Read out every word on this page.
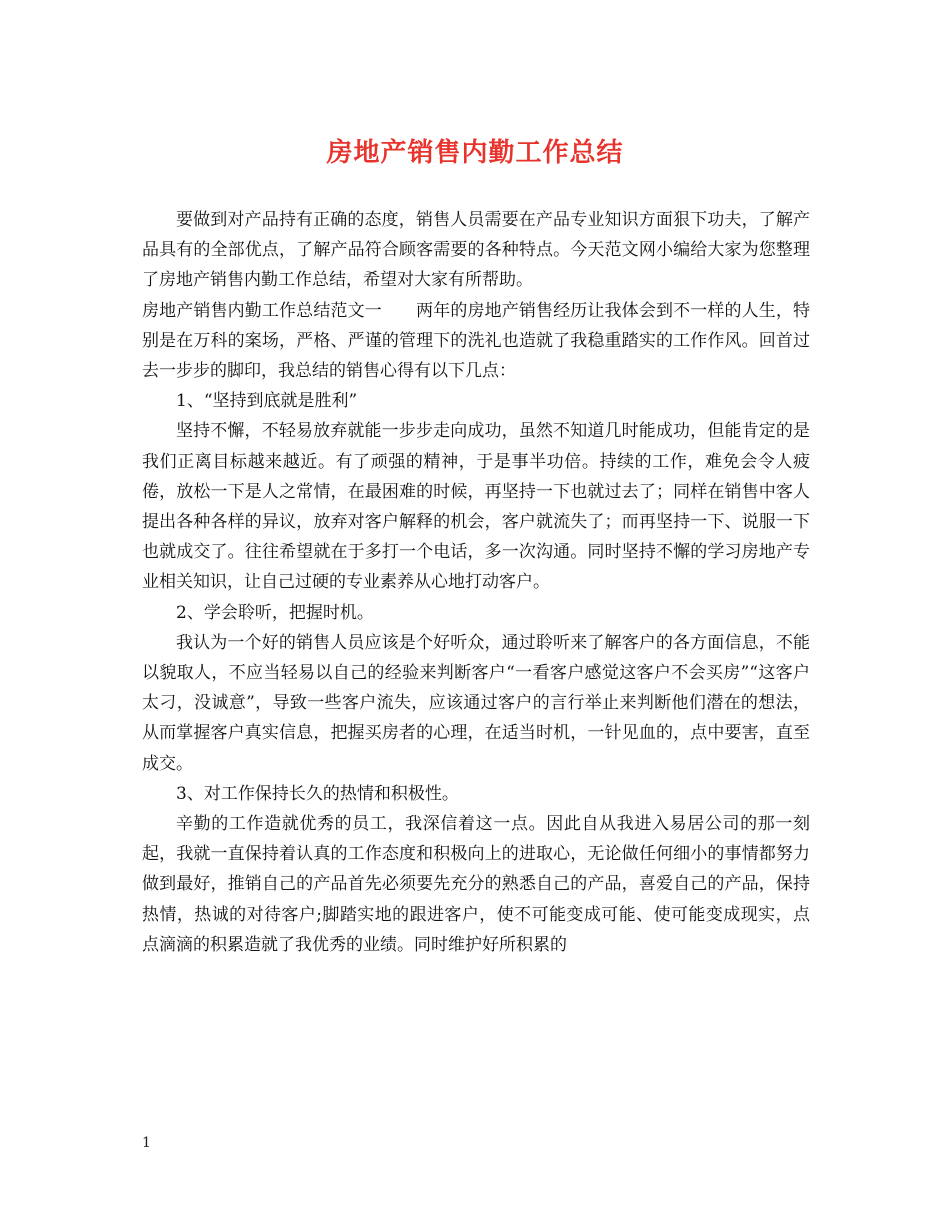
房地产销售内勤工作总结

要做到对产品持有正确的态度，销售人员需要在产品专业知识方面狠下功夫，了解产品具有的全部优点，了解产品符合顾客需要的各种特点。今天范文网小编给大家为您整理了房地产销售内勤工作总结，希望对大家有所帮助。

房地产销售内勤工作总结范文一　　两年的房地产销售经历让我体会到不一样的人生，特别是在万科的案场，严格、严谨的管理下的洗礼也造就了我稳重踏实的工作作风。回首过去一步步的脚印，我总结的销售心得有以下几点：

1、“坚持到底就是胜利”

坚持不懈，不轻易放弃就能一步步走向成功，虽然不知道几时能成功，但能肯定的是我们正离目标越来越近。有了顽强的精神，于是事半功倍。持续的工作，难免会令人疲倦，放松一下是人之常情，在最困难的时候，再坚持一下也就过去了；同样在销售中客人提出各种各样的异议，放弃对客户解释的机会，客户就流失了；而再坚持一下、说服一下也就成交了。往往希望就在于多打一个电话，多一次沟通。同时坚持不懈的学习房地产专业相关知识，让自己过硬的专业素养从心地打动客户。

2、学会聆听，把握时机。

我认为一个好的销售人员应该是个好听众，通过聆听来了解客户的各方面信息，不能以貌取人，不应当轻易以自己的经验来判断客户“一看客户感觉这客户不会买房”“这客户太刁，没诚意”，导致一些客户流失，应该通过客户的言行举止来判断他们潜在的想法，从而掌握客户真实信息，把握买房者的心理，在适当时机，一针见血的，点中要害，直至成交。

3、对工作保持长久的热情和积极性。

辛勤的工作造就优秀的员工，我深信着这一点。因此自从我进入易居公司的那一刻起，我就一直保持着认真的工作态度和积极向上的进取心，无论做任何细小的事情都努力做到最好，推销自己的产品首先必须要先充分的熟悉自己的产品，喜爱自己的产品，保持热情，热诚的对待客户;脚踏实地的跟进客户，使不可能变成可能、使可能变成现实，点点滴滴的积累造就了我优秀的业绩。同时维护好所积累的

1
